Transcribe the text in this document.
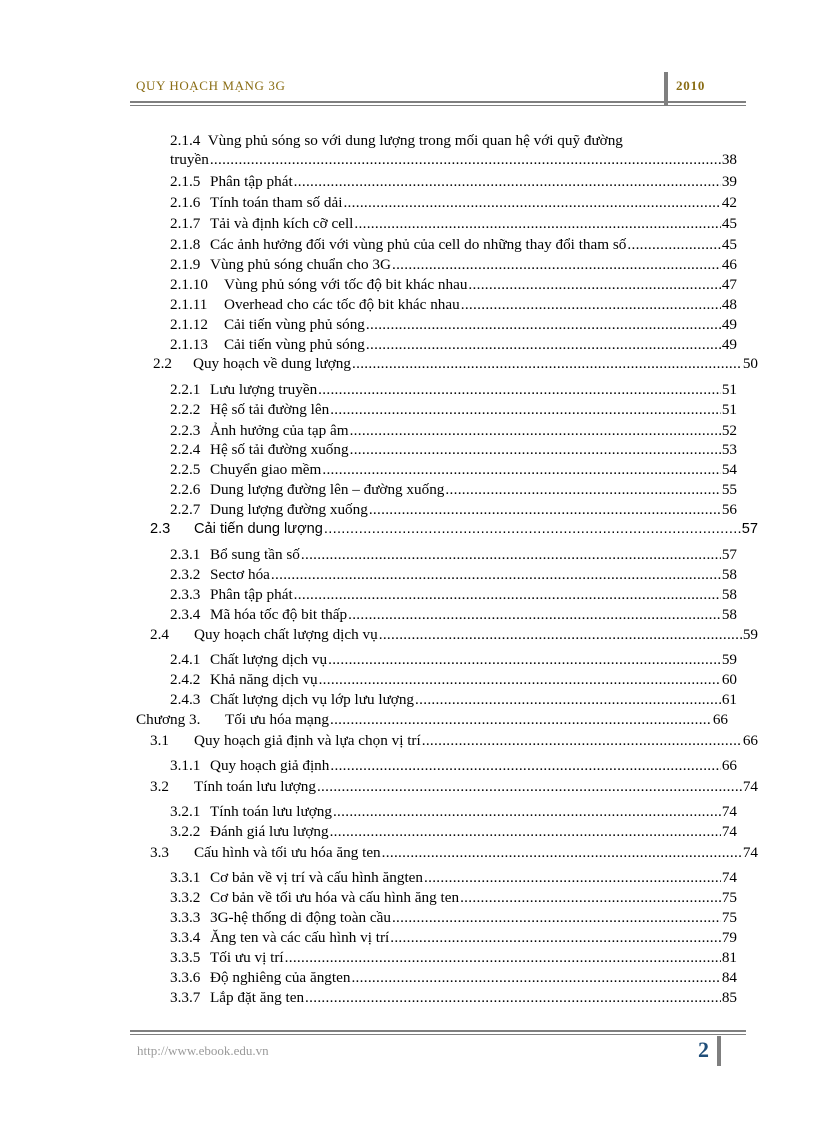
QUY HOẠCH MẠNG 3G	2010
2.1.4 Vùng phủ sóng so với dung lượng trong mối quan hệ với quỹ đường
truyền .....	38
2.1.5 Phân tập phát .....	39
2.1.6 Tính toán tham số dải .....	42
2.1.7 Tải và định kích cỡ cell .....	45
2.1.8 Các ảnh hưởng đối với vùng phủ của cell do những thay đổi tham số .....	45
2.1.9 Vùng phủ sóng chuẩn cho 3G .....	46
2.1.10	Vùng phủ sóng với tốc độ bit khác nhau .....	47
2.1.11	Overhead cho các tốc độ bit khác nhau .....	48
2.1.12	Cải tiến vùng phủ sóng .....	49
2.1.13	Cải tiến vùng phủ sóng .....	49
2.2	Quy hoạch về dung lượng .....	50
2.2.1 Lưu lượng truyền .....	51
2.2.2 Hệ số tải đường lên .....	51
2.2.3 Ảnh hưởng của tạp âm .....	52
2.2.4 Hệ số tải đường xuống .....	53
2.2.5 Chuyển giao mềm .....	54
2.2.6 Dung lượng đường lên – đường xuống .....	55
2.2.7 Dung lượng đường xuống .....	56
2.3	Cải tiến dung lượng .....	57
2.3.1 Bổ sung tần số .....	57
2.3.2 Sectơ hóa .....	58
2.3.3 Phân tập phát .....	58
2.3.4 Mã hóa tốc độ bit thấp .....	58
2.4	Quy hoạch chất lượng dịch vụ .....	59
2.4.1 Chất lượng dịch vụ .....	59
2.4.2 Khả năng dịch vụ .....	60
2.4.3 Chất lượng dịch vụ lớp lưu lượng .....	61
Chương 3.	Tối ưu hóa mạng .....	66
3.1	Quy hoạch giả định và lựa chọn vị trí .....	66
3.1.1 Quy hoạch giả định .....	66
3.2	Tính toán lưu lượng .....	74
3.2.1 Tính toán lưu lượng .....	74
3.2.2 Đánh giá lưu lượng .....	74
3.3	Cấu hình và tối ưu hóa ăng ten .....	74
3.3.1 Cơ bản về vị trí và cấu hình ăngten .....	74
3.3.2 Cơ bản về tối ưu hóa và cấu hình ăng ten .....	75
3.3.3 3G-hệ thống di động toàn cầu .....	75
3.3.4 Ăng ten và các cấu hình vị trí .....	79
3.3.5 Tối ưu vị trí .....	81
3.3.6 Độ nghiêng của ăngten .....	84
3.3.7 Lắp đặt ăng ten .....	85
http://www.ebook.edu.vn	2
